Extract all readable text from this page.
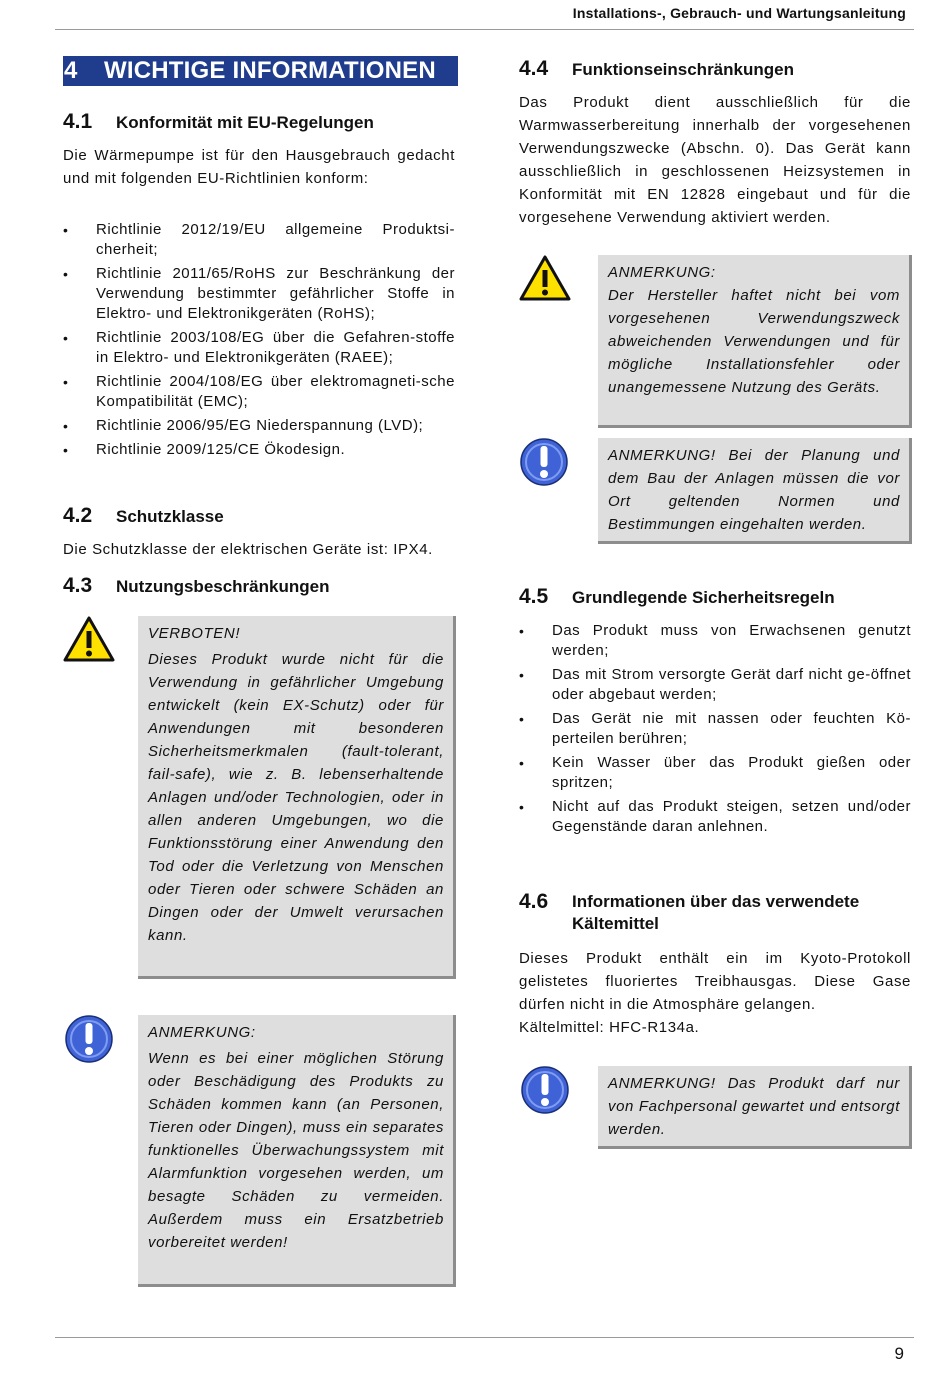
Installations-, Gebrauch- und Wartungsanleitung
4 WICHTIGE INFORMATIONEN
4.1 Konformität mit EU-Regelungen
Die Wärmepumpe ist für den Hausgebrauch gedacht und mit folgenden EU-Richtlinien konform:
• Richtlinie 2012/19/EU allgemeine Produktsi-cherheit;
• Richtlinie 2011/65/RoHS zur Beschränkung der Verwendung bestimmter gefährlicher Stoffe in Elektro- und Elektronikgeräten (RoHS);
• Richtlinie 2003/108/EG über die Gefahren-stoffe in Elektro- und Elektronikgeräten (RAEE);
• Richtlinie 2004/108/EG über elektromagneti-sche Kompatibilität (EMC);
• Richtlinie 2006/95/EG Niederspannung (LVD);
• Richtlinie 2009/125/CE Ökodesign.
4.2 Schutzklasse
Die Schutzklasse der elektrischen Geräte ist: IPX4.
4.3 Nutzungsbeschränkungen
VERBOTEN!
Dieses Produkt wurde nicht für die Verwendung in gefährlicher Umgebung entwickelt (kein EX-Schutz) oder für Anwendungen mit besonderen Sicherheitsmerkmalen (fault-tolerant, fail-safe), wie z. B. lebenserhaltende Anlagen und/oder Technologien, oder in allen anderen Umgebungen, wo die Funktionsstörung einer Anwendung den Tod oder die Verletzung von Menschen oder Tieren oder schwere Schäden an Dingen oder der Umwelt verursachen kann.
ANMERKUNG:
Wenn es bei einer möglichen Störung oder Beschädigung des Produkts zu Schäden kommen kann (an Personen, Tieren oder Dingen), muss ein separates funktionelles Überwachungssystem mit Alarmfunktion vorgesehen werden, um besagte Schäden zu vermeiden. Außerdem muss ein Ersatzbetrieb vorbereitet werden!
4.4 Funktionseinschränkungen
Das Produkt dient ausschließlich für die Warmwasserbereitung innerhalb der vorgesehenen Verwendungszwecke (Abschn. 0). Das Gerät kann ausschließlich in geschlossenen Heizsystemen in Konformität mit EN 12828 eingebaut und für die vorgesehene Verwendung aktiviert werden.
ANMERKUNG:
Der Hersteller haftet nicht bei vom vorgesehenen Verwendungszweck abweichenden Verwendungen und für mögliche Installationsfehler oder unangemessene Nutzung des Geräts.
ANMERKUNG! Bei der Planung und dem Bau der Anlagen müssen die vor Ort geltenden Normen und Bestimmungen eingehalten werden.
4.5 Grundlegende Sicherheitsregeln
• Das Produkt muss von Erwachsenen genutzt werden;
• Das mit Strom versorgte Gerät darf nicht ge-öffnet oder abgebaut werden;
• Das Gerät nie mit nassen oder feuchten Kö-perteilen berühren;
• Kein Wasser über das Produkt gießen oder spritzen;
• Nicht auf das Produkt steigen, setzen und/oder Gegenstände daran anlehnen.
4.6 Informationen über das verwendete
Kältemittel
Dieses Produkt enthält ein im Kyoto-Protokoll gelistetes fluoriertes Treibhausgas. Diese Gase dürfen nicht in die Atmosphäre gelangen.
Kältelmittel: HFC-R134a.
ANMERKUNG! Das Produkt darf nur von Fachpersonal gewartet und entsorgt werden.
9
